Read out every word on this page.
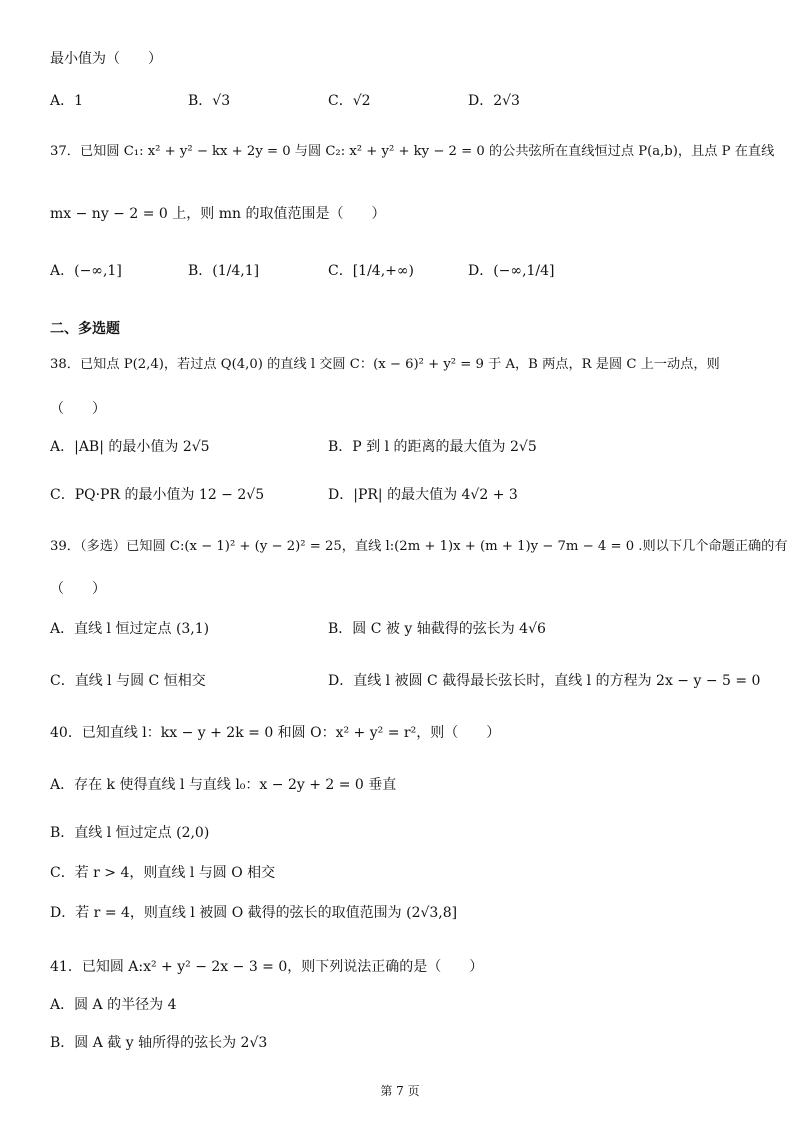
最小值为（　　）
A．1	B．√3	C．√2	D．2√3
37．已知圆 C₁: x² + y² − kx + 2y = 0 与圆 C₂: x² + y² + ky − 2 = 0 的公共弦所在直线恒过点 P(a,b)，且点 P 在直线
mx − ny − 2 = 0 上，则 mn 的取值范围是（　　）
A．(−∞,1]	B．(1/4,1]	C．[1/4,+∞)	D．(−∞,1/4]
二、多选题
38．已知点 P(2,4)，若过点 Q(4,0) 的直线 l 交圆 C：(x − 6)² + y² = 9 于 A，B 两点，R 是圆 C 上一动点，则
（　　）
A．|AB| 的最小值为 2√5	B．P 到 l 的距离的最大值为 2√5
C．PQ·PR 的最小值为 12 − 2√5	D．|PR| 的最大值为 4√2 + 3
39．（多选）已知圆 C:(x − 1)² + (y − 2)² = 25，直线 l:(2m + 1)x + (m + 1)y − 7m − 4 = 0 .则以下几个命题正确的有
（　　）
A．直线 l 恒过定点 (3,1)	B．圆 C 被 y 轴截得的弦长为 4√6
C．直线 l 与圆 C 恒相交	D．直线 l 被圆 C 截得最长弦长时，直线 l 的方程为 2x − y − 5 = 0
40．已知直线 l：kx − y + 2k = 0 和圆 O：x² + y² = r²，则（　　）
A．存在 k 使得直线 l 与直线 l₀：x − 2y + 2 = 0 垂直
B．直线 l 恒过定点 (2,0)
C．若 r > 4，则直线 l 与圆 O 相交
D．若 r = 4，则直线 l 被圆 O 截得的弦长的取值范围为 (2√3,8]
41．已知圆 A:x² + y² − 2x − 3 = 0，则下列说法正确的是（　　）
A．圆 A 的半径为 4
B．圆 A 截 y 轴所得的弦长为 2√3
第 7 页
